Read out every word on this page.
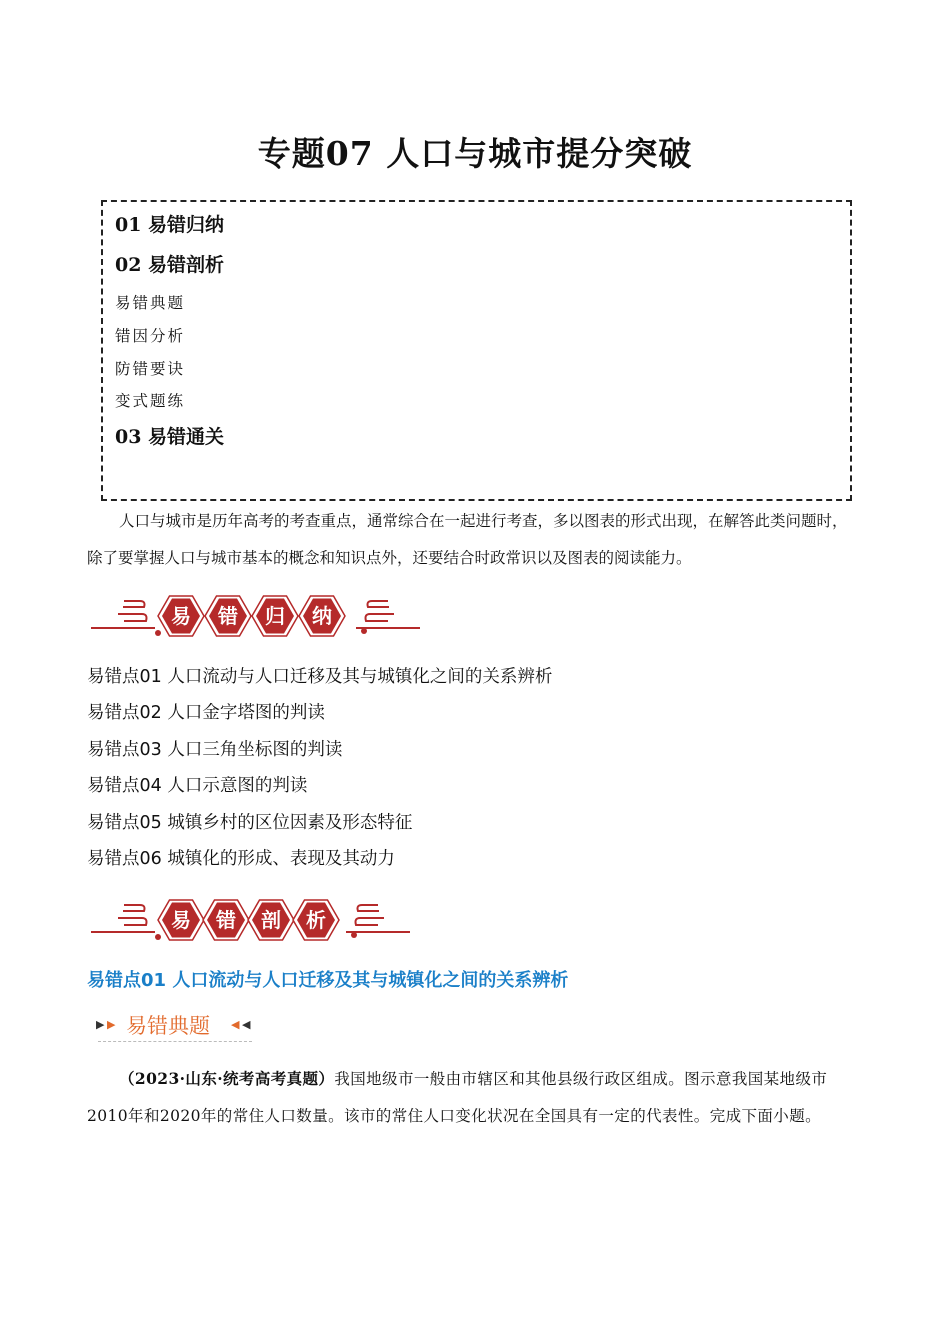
专题07 人口与城市提分突破
01 易错归纳
02 易错剖析
易错典题
错因分析
防错要诀
变式题练
03 易错通关

人口与城市是历年高考的考查重点，通常综合在一起进行考查，多以图表的形式出现，在解答此类问题时，除了要掌握人口与城市基本的概念和知识点外，还要结合时政常识以及图表的阅读能力。

易 错 归 纳
易错点01 人口流动与人口迁移及其与城镇化之间的关系辨析
易错点02 人口金字塔图的判读
易错点03 人口三角坐标图的判读
易错点04 人口示意图的判读
易错点05 城镇乡村的区位因素及形态特征
易错点06 城镇化的形成、表现及其动力
易 错 剖 析
易错点01 人口流动与人口迁移及其与城镇化之间的关系辨析
▶ ▶ 易错典题 ◀ ◀

（2023·山东·统考高考真题）我国地级市一般由市辖区和其他县级行政区组成。图示意我国某地级市2010年和2020年的常住人口数量。该市的常住人口变化状况在全国具有一定的代表性。完成下面小题。
